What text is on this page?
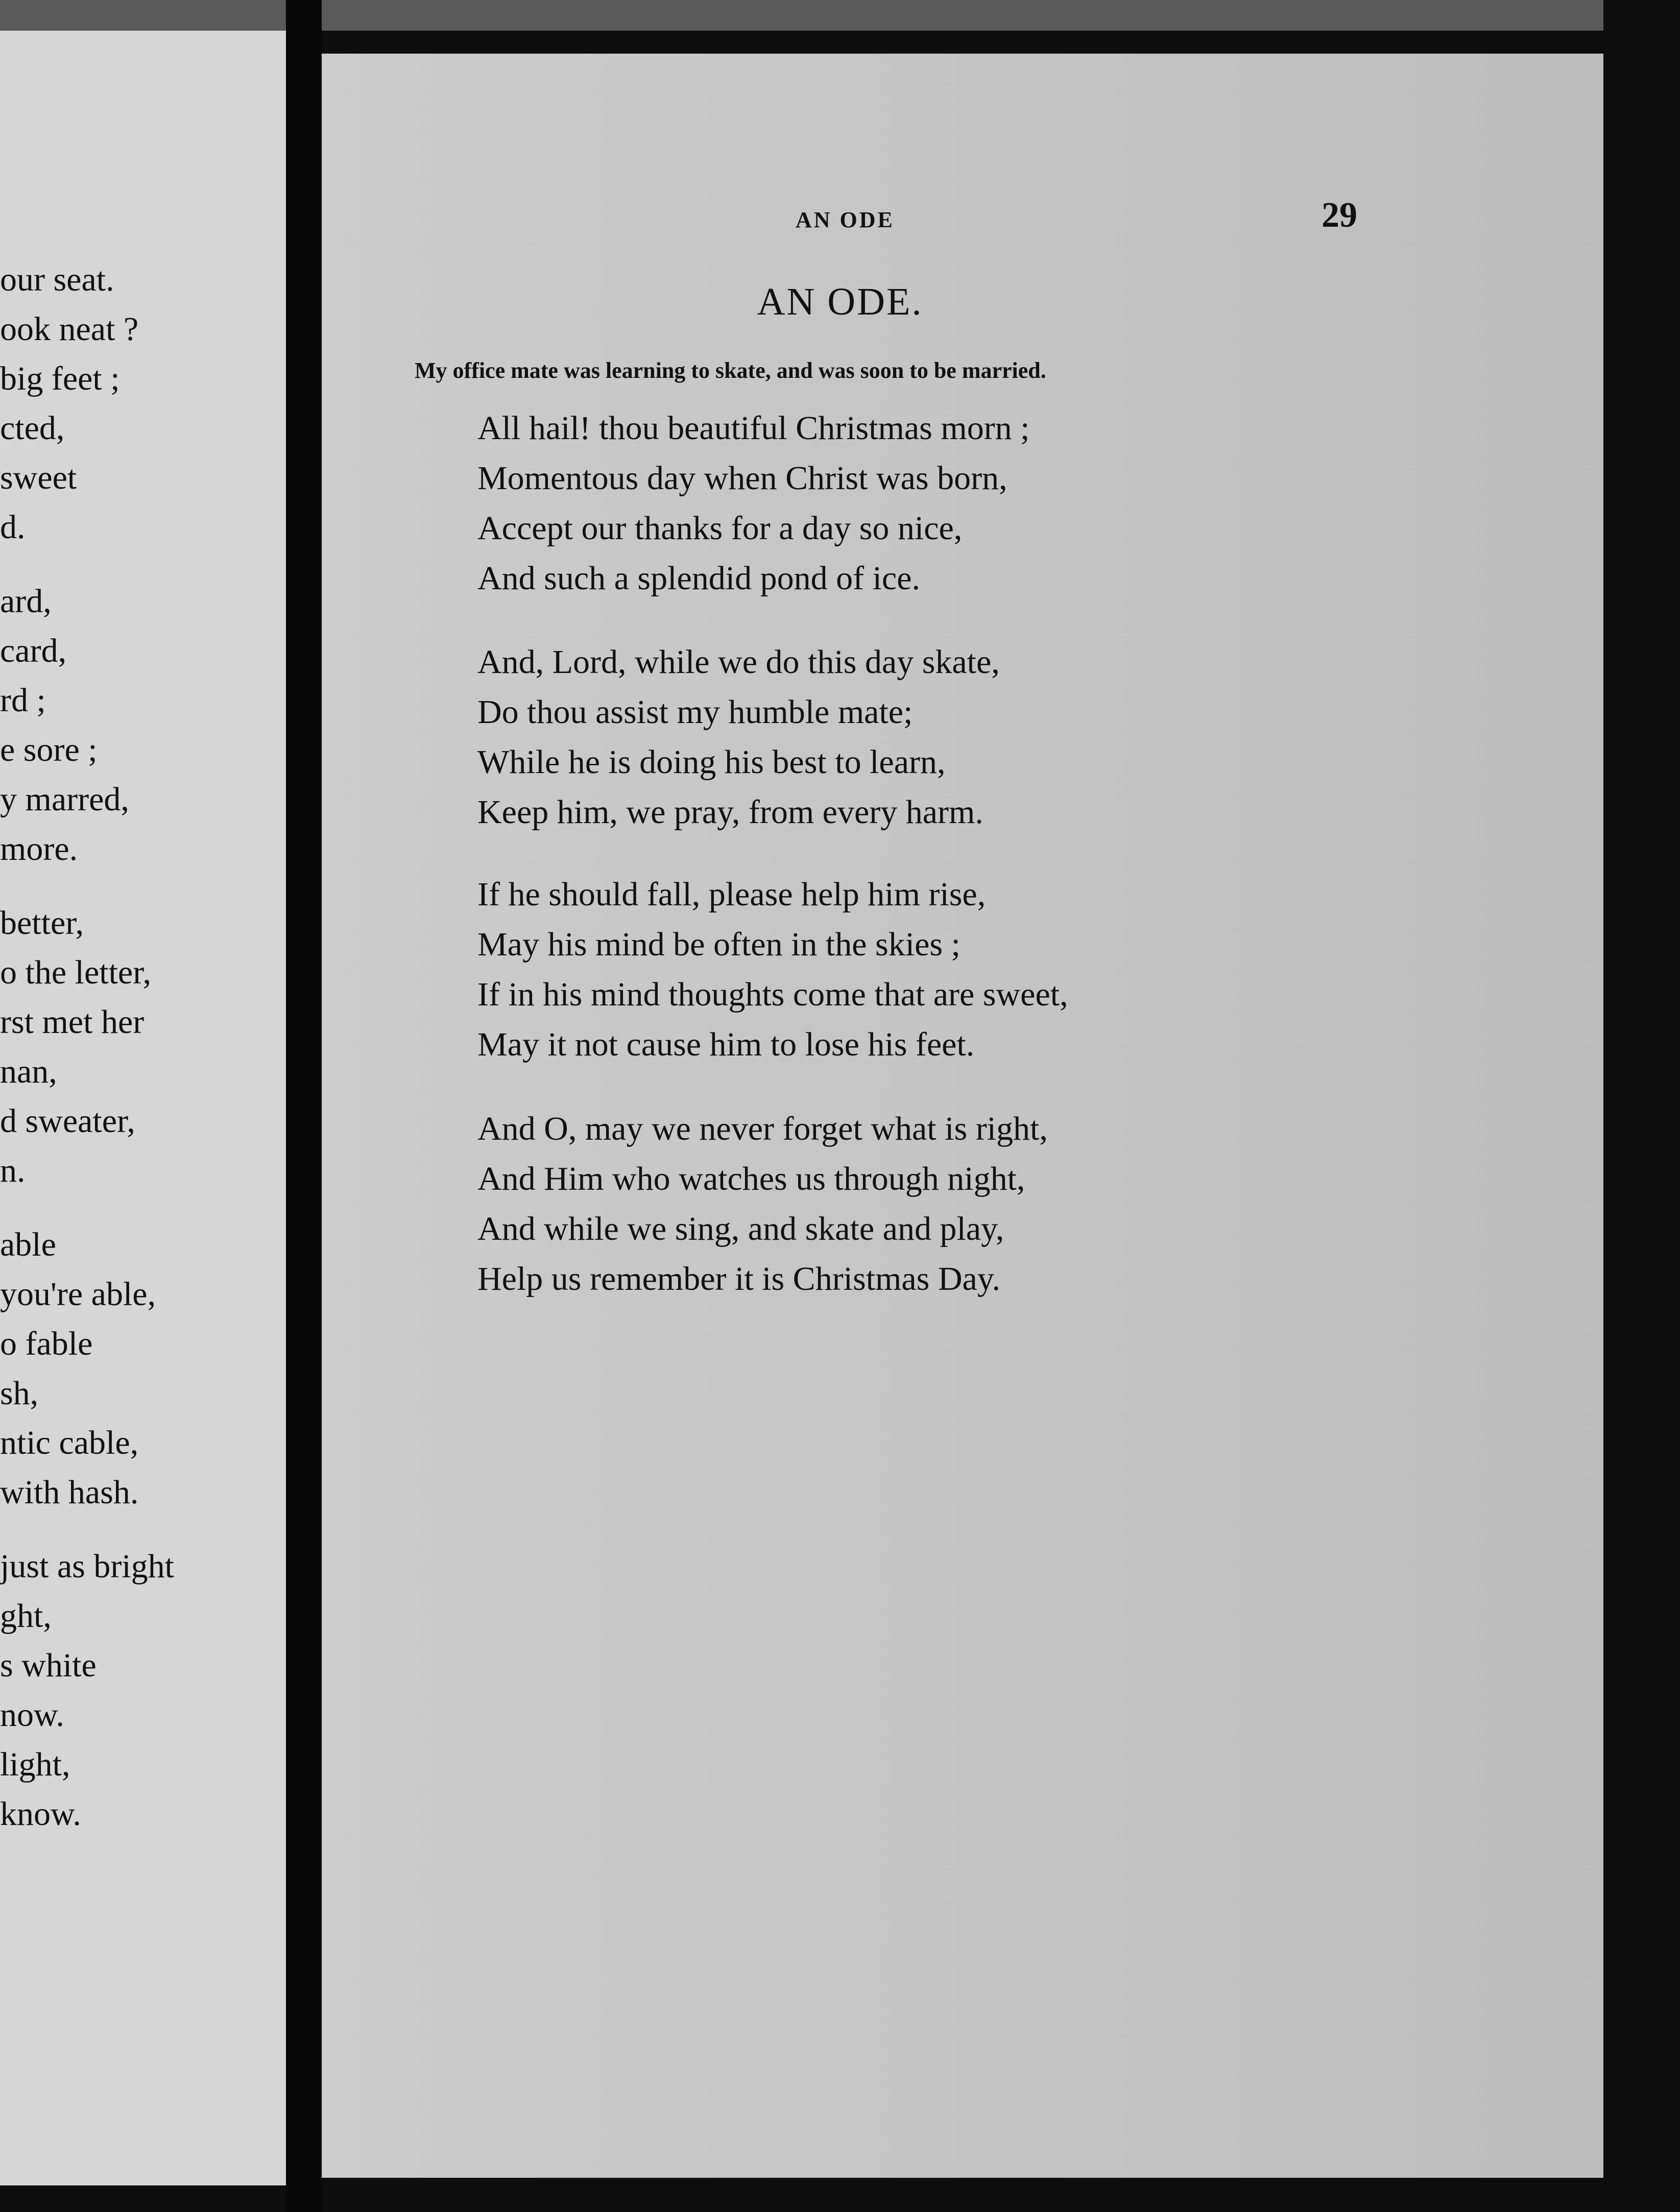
our seat.
ook neat ?
big feet ;
cted,
sweet
d.
ard,
card,
rd ;
e sore ;
y marred,
more.
better,
o the letter,
rst met her
nan,
d sweater,
n.
able
you're able,
o fable
sh,
ntic cable,
with hash.
just as bright
ght,
s white
now.
light,
know.
AN ODE	29
AN ODE.
My office mate was learning to skate, and was soon to be married.
All hail! thou beautiful Christmas morn ;
Momentous day when Christ was born,
Accept our thanks for a day so nice,
And such a splendid pond of ice.
And, Lord, while we do this day skate,
Do thou assist my humble mate;
While he is doing his best to learn,
Keep him, we pray, from every harm.
If he should fall, please help him rise,
May his mind be often in the skies ;
If in his mind thoughts come that are sweet,
May it not cause him to lose his feet.
And O, may we never forget what is right,
And Him who watches us through night,
And while we sing, and skate and play,
Help us remember it is Christmas Day.
